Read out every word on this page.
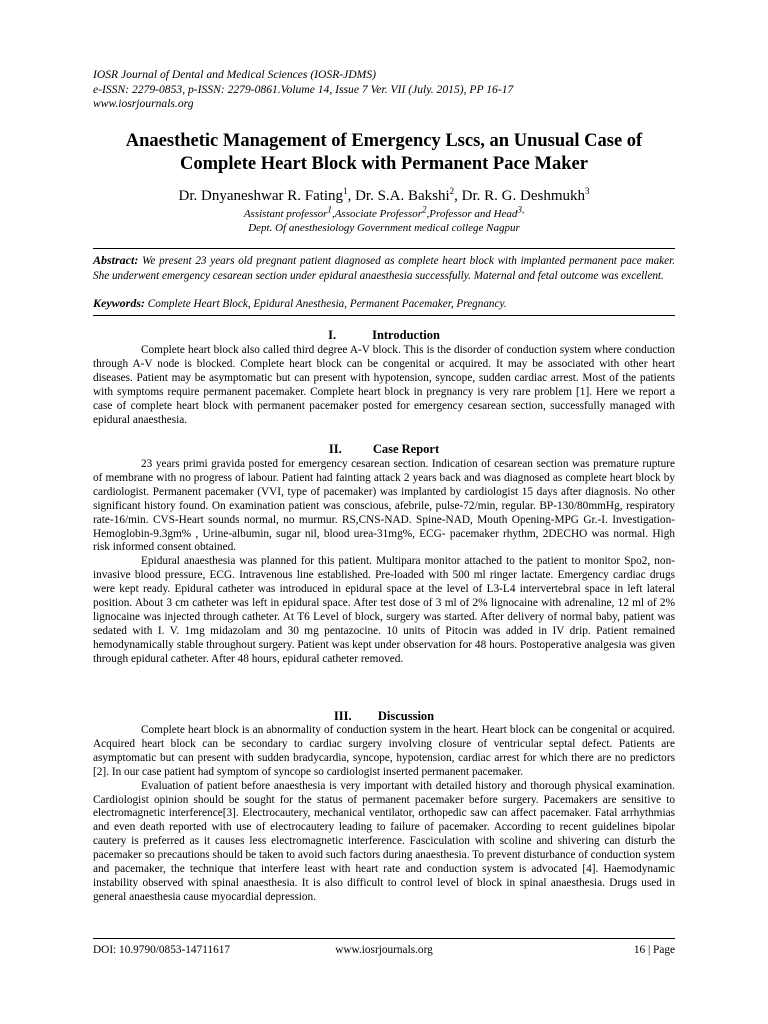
IOSR Journal of Dental and Medical Sciences (IOSR-JDMS)
e-ISSN: 2279-0853, p-ISSN: 2279-0861.Volume 14, Issue 7 Ver. VII (July. 2015), PP 16-17
www.iosrjournals.org
Anaesthetic Management of Emergency Lscs, an Unusual Case of
Complete Heart Block with Permanent Pace Maker
Dr. Dnyaneshwar R. Fating$^1$, Dr. S.A. Bakshi$^2$, Dr. R. G. Deshmukh$^3$
Assistant professor$^1$,Associate Professor$^2$,Professor and Head$^{3,}$
Dept. Of anesthesiology Government medical college Nagpur
Abstract: We present 23 years old pregnant patient diagnosed as complete heart block with implanted permanent pace maker. She underwent emergency cesarean section under epidural anaesthesia successfully. Maternal and fetal outcome was excellent.
Keywords: Complete Heart Block, Epidural Anesthesia, Permanent Pacemaker, Pregnancy.
I.	Introduction

Complete heart block also called third degree A-V block. This is the disorder of conduction system where conduction through A-V node is blocked. Complete heart block can be congenital or acquired. It may be associated with other heart diseases. Patient may be asymptomatic but can present with hypotension, syncope, sudden cardiac arrest. Most of the patients with symptoms require permanent pacemaker. Complete heart block in pregnancy is very rare problem [1]. Here we report a case of complete heart block with permanent pacemaker posted for emergency cesarean section, successfully managed with epidural anaesthesia.

II. Case Report

23 years primi gravida posted for emergency cesarean section. Indication of cesarean section was premature rupture of membrane with no progress of labour. Patient had fainting attack 2 years back and was diagnosed as complete heart block by cardiologist. Permanent pacemaker (VVI, type of pacemaker) was implanted by cardiologist 15 days after diagnosis. No other significant history found. On examination patient was conscious, afebrile, pulse-72/min, regular. BP-130/80mmHg, respiratory rate-16/min. CVS-Heart sounds normal, no murmur. RS,CNS-NAD. Spine-NAD, Mouth Opening-MPG Gr.-I. Investigation-Hemoglobin-9.3gm% , Urine-albumin, sugar nil, blood urea-31mg%, ECG- pacemaker rhythm, 2DECHO was normal. High risk informed consent obtained.

Epidural anaesthesia was planned for this patient. Multipara monitor attached to the patient to monitor Spo2, non-invasive blood pressure, ECG. Intravenous line established. Pre-loaded with 500 ml ringer lactate. Emergency cardiac drugs were kept ready. Epidural catheter was introduced in epidural space at the level of L3-L4 intervertebral space in left lateral position. About 3 cm catheter was left in epidural space. After test dose of 3 ml of 2% lignocaine with adrenaline, 12 ml of 2% lignocaine was injected through catheter. At T6 Level of block, surgery was started. After delivery of normal baby, patient was sedated with I. V. 1mg midazolam and 30 mg pentazocine. 10 units of Pitocin was added in IV drip. Patient remained hemodynamically stable throughout surgery. Patient was kept under observation for 48 hours. Postoperative analgesia was given through epidural catheter. After 48 hours, epidural catheter removed.

III. Discussion

Complete heart block is an abnormality of conduction system in the heart. Heart block can be congenital or acquired. Acquired heart block can be secondary to cardiac surgery involving closure of ventricular septal defect. Patients are asymptomatic but can present with sudden bradycardia, syncope, hypotension, cardiac arrest for which there are no predictors [2]. In our case patient had symptom of syncope so cardiologist inserted permanent pacemaker.

Evaluation of patient before anaesthesia is very important with detailed history and thorough physical examination. Cardiologist opinion should be sought for the status of permanent pacemaker before surgery. Pacemakers are sensitive to electromagnetic interference[3]. Electrocautery, mechanical ventilator, orthopedic saw can affect pacemaker. Fatal arrhythmias and even death reported with use of electrocautery leading to failure of pacemaker. According to recent guidelines bipolar cautery is preferred as it causes less electromagnetic interference. Fasciculation with scoline and shivering can disturb the pacemaker so precautions should be taken to avoid such factors during anaesthesia. To prevent disturbance of conduction system and pacemaker, the technique that interfere least with heart rate and conduction system is advocated [4]. Haemodynamic instability observed with spinal anaesthesia. It is also difficult to control level of block in spinal anaesthesia. Drugs used in general anaesthesia cause myocardial depression.

DOI: 10.9790/0853-14711617	www.iosrjournals.org	16 | Page
